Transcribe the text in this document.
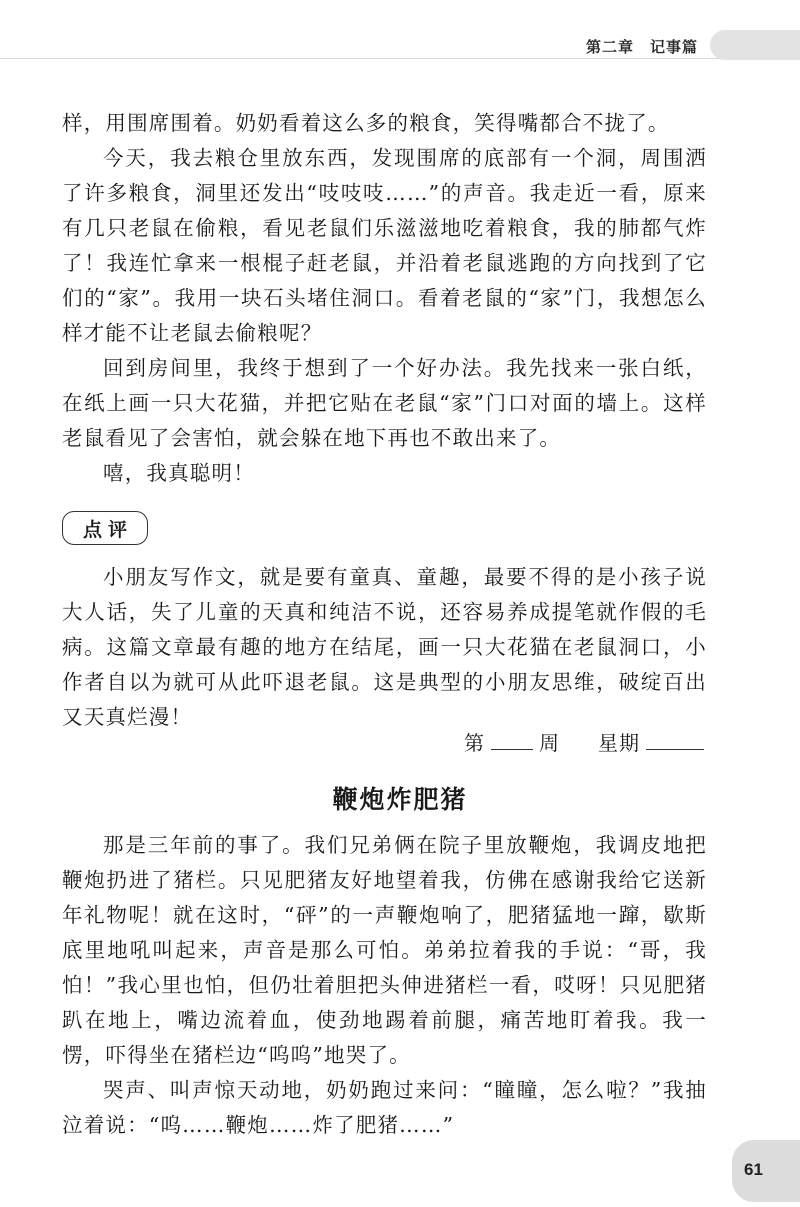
第二章　记事篇

样，用围席围着。奶奶看着这么多的粮食，笑得嘴都合不拢了。

今天，我去粮仓里放东西，发现围席的底部有一个洞，周围洒了许多粮食，洞里还发出“吱吱吱……”的声音。我走近一看，原来有几只老鼠在偷粮，看见老鼠们乐滋滋地吃着粮食，我的肺都气炸了！我连忙拿来一根棍子赶老鼠，并沿着老鼠逃跑的方向找到了它们的“家”。我用一块石头堵住洞口。看着老鼠的“家”门，我想怎么样才能不让老鼠去偷粮呢？

回到房间里，我终于想到了一个好办法。我先找来一张白纸，在纸上画一只大花猫，并把它贴在老鼠“家”门口对面的墙上。这样老鼠看见了会害怕，就会躲在地下再也不敢出来了。

嘻，我真聪明！

点评

小朋友写作文，就是要有童真、童趣，最要不得的是小孩子说大人话，失了儿童的天真和纯洁不说，还容易养成提笔就作假的毛病。这篇文章最有趣的地方在结尾，画一只大花猫在老鼠洞口，小作者自以为就可从此吓退老鼠。这是典型的小朋友思维，破绽百出又天真烂漫！

第	周 星期
鞭炮炸肥猪

那是三年前的事了。我们兄弟俩在院子里放鞭炮，我调皮地把鞭炮扔进了猪栏。只见肥猪友好地望着我，仿佛在感谢我给它送新年礼物呢！就在这时，“砰”的一声鞭炮响了，肥猪猛地一蹿，歇斯底里地吼叫起来，声音是那么可怕。弟弟拉着我的手说：“哥，我怕！”我心里也怕，但仍壮着胆把头伸进猪栏一看，哎呀！只见肥猪趴在地上，嘴边流着血，使劲地踢着前腿，痛苦地盯着我。我一愣，吓得坐在猪栏边“呜呜”地哭了。

哭声、叫声惊天动地，奶奶跑过来问：“瞳瞳，怎么啦？”我抽泣着说：“呜……鞭炮……炸了肥猪……”

61
